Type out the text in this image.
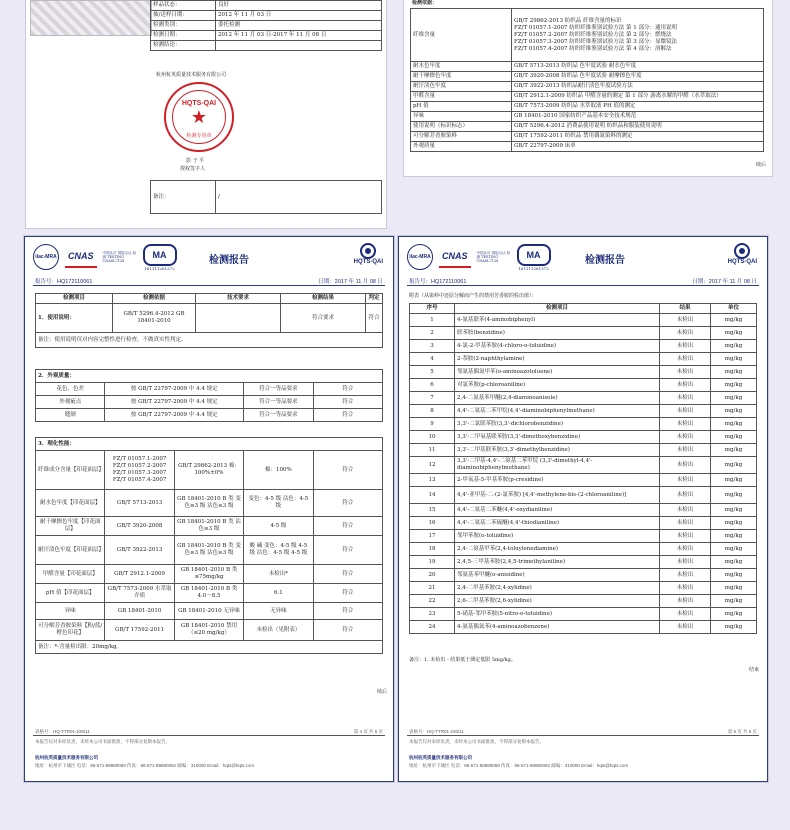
样品状态：	良好
抽/送样日期：	2012 年 11 月 03 日
检测类别：	委托检测
检测日期：	2012 年 11 月 03 日-2017 年 11 月 08 日
检测结论：	
杭州杭英质量技术服务有限公司
HQTS-QAI
★
检测专用章
彭 子 平
授权签字人
备注：	/
检测依据：
纤维含量	GB/T 29862-2013 纺织品 纤维含量的标识
FZ/T 01057.1-2007 纺织纤维鉴别试验方法 第 1 部分：通用说明
FZ/T 01057.2-2007 纺织纤维鉴别试验方法 第 2 部分：燃烧法
FZ/T 01057.3-2007 纺织纤维鉴别试验方法 第 3 部分：显微镜法
FZ/T 01057.4-2007 纺织纤维鉴别试验方法 第 4 部分：溶解法

耐水色牢度	GB/T 5713-2013 纺织品 色牢度试验 耐水色牢度
耐干摩擦色牢度	GB/T 3920-2008 纺织品 色牢度试验 耐摩擦色牢度
耐汗渍色牢度	GB/T 3922-2013 纺织品耐汗渍色牢度试验方法
甲醛含量	GB/T 2912.1-2009 纺织品 甲醛含量的测定 第 1 部分 游离水解的甲醛（水萃取法）
pH 值	GB/T 7573-2009 纺织品 水萃取液 PH 值的测定
异味	GB 18401-2010 国家纺织产品基本安全技术规范
使用说明（标识标志）	GB/T 5296.4-2012 消费品使用说明 纺织品和服装使用说明
可分解芳香胺染料	GB/T 17592-2011 纺织品 禁用偶氮染料的测定
外观质量	GB/T 22797-2009 床单
续后
ilac-MRA	CNAS	中国认可 国际互认 检测 TESTING CNASL7128
MA
161111261372
检测报告	HQTS-QAI
报告号：HQ17211006​1	日期：2017 年 11 月 08 日
检测项目	检测依据	技术要求	检测结果	判定
1．使用说明：	GB/T 5296.4-2012 GB 18401-2010		符合要求	符合
备注：使用说明仅对内容完整性进行检查，不做真实性判定。				
2．外观质量：			
花色、色差	按 GB/T 22797-2009 中 4.4 规定	符合一等品要求	符合
外观疵点	按 GB/T 22797-2009 中 4.4 规定	符合一等品要求	符合
缝制	按 GB/T 22797-2009 中 4.4 规定	符合一等品要求	符合
3．理化性能：				
纤维成分含量【印花面层】	FZ/T 01057.1-2007 FZ/T 01057.2-2007 FZ/T 01057.3-2007 FZ/T 01057.4-2007	GB/T 29862-2013 棉：100%±0%	棉：100%	符合
耐水色牢度【印花面层】	GB/T 5713-2013	GB 18401-2010 B 类 变色≥3 级 沾色≥3 级	变色：4-5 级 沾色：4-5 级	符合
耐干摩擦色牢度【印花面层】	GB/T 3920-2008	GB 18401-2010 B 类 沾色≥3 级	4-5 级	符合
耐汗渍色牢度【印花面层】	GB/T 3922-2013	GB 18401-2010 B 类 变色≥3 级 沾色≥3 级	酸 碱 变色：4-5 级 4-5 级 沾色：4-5 级 4-5 级	符合
甲醛含量【印花面层】	GB/T 2912.1-2009	GB 18401-2010 B 类 ≤75mg/kg	未检出*	符合
pH 值【印花面层】	GB/T 7573-2009 水萃取介质	GB 18401-2010 B 类 4.0～8.5	6.1	符合
异味	GB 18401-2010	GB 18401-2010 无异味	无异味	符合
可分解芳香胺染料【粉/蓝/橙色印花】	GB/T 17592-2011	GB 18401-2010 禁用（≤20 mg/kg）	未检出（见附表）	符合
备注：*-含量检出限：20mg/kg。				
续后
表格号：HQ-TTR01-220/11	第 4 页 共 5 页
本报告仅对来样负责，未经本公司书面批准，不得部分复制本报告。
杭州杭英质量技术服务有限公司
地址：杭州市下城区 电话：86-571-88880069 传真：86-571-88880062 邮编：310000 Email：hqts@hqts.com
ilac-MRA	CNAS	中国认可 国际互认 检测 TESTING CNASL7128
MA
161111261372
检测报告	HQTS-QAI
报告号：HQ17211006​1	日期：2017 年 11 月 08 日
附表（从染料中还原分解而产生的禁用芳香胺的检出值）：
序号	检测项目	结果	单位
1	4-氨基联苯(4-aminobiphenyl)	未检出	mg/kg
2	联苯胺(benzidine)	未检出	mg/kg
3	4-氯-2-甲基苯胺(4-chloro-o-toluidine)	未检出	mg/kg
4	2-萘胺(2-naphthylamine)	未检出	mg/kg
5	邻氨基偶氮甲苯(o-aminoazotoluene)	未检出	mg/kg
6	对氯苯胺(p-chloroaniline)	未检出	mg/kg
7	2,4-二氨基苯甲醚(2,4-diaminoanisole)	未检出	mg/kg
8	4,4'-二氨基二苯甲烷(4,4'-diaminobiphenylmethane)	未检出	mg/kg
9	3,3'-二氯联苯胺(3,3'-dichlorobenzidine)	未检出	mg/kg
10	3,3'-二甲氧基联苯胺(3,3'-dimethoxybenzidine)	未检出	mg/kg
11	3,3'-二甲基联苯胺(3,3'-dimethylbenzidine)	未检出	mg/kg
12	3,3'-二甲基-4,4'-二氨基二苯甲烷 (3,3'-dimethyl-4,4'-diaminobiphenylmethane)	未检出	mg/kg
13	2-甲氧基-5-甲基苯胺(p-cresidine)	未检出	mg/kg
14	4,4'-亚甲基-二-(2-氯苯胺) [4,4'-methylene-bis-(2-chloroaniline)]	未检出	mg/kg
15	4,4'-二氨基二苯醚(4,4'-oxydianiline)	未检出	mg/kg
16	4,4'-二氨基二苯硫醚(4,4'-thiodianiline)	未检出	mg/kg
17	邻甲苯胺(o-toluidine)	未检出	mg/kg
18	2,4-二氨基甲苯(2,4-toluylenediamine)	未检出	mg/kg
19	2,4,5-三甲基苯胺(2,4,5-trimethylaniline)	未检出	mg/kg
20	邻氨基苯甲醚(o-anisidine)	未检出	mg/kg
21	2,4-二甲基苯胺(2,4-xylidine)	未检出	mg/kg
22	2,6-二甲基苯胺(2,6-xylidine)	未检出	mg/kg
23	5-硝基-邻甲苯胺(5-nitro-o-toluidine)	未检出	mg/kg
24	4-氨基偶氮苯(4-aminoazobenzene)	未检出	mg/kg
备注：1. 未检出 - 结果低于测定低限 5mg/kg。
结束
表格号：HQ-TTR01-220/11	第 5 页 共 5 页
本报告仅对来样负责，未经本公司书面批准，不得部分复制本报告。
杭州杭英质量技术服务有限公司
地址：杭州市下城区 电话：86-571-88880069 传真：86-571-88880062 邮编：310000 Email：hqts@hqts.com
